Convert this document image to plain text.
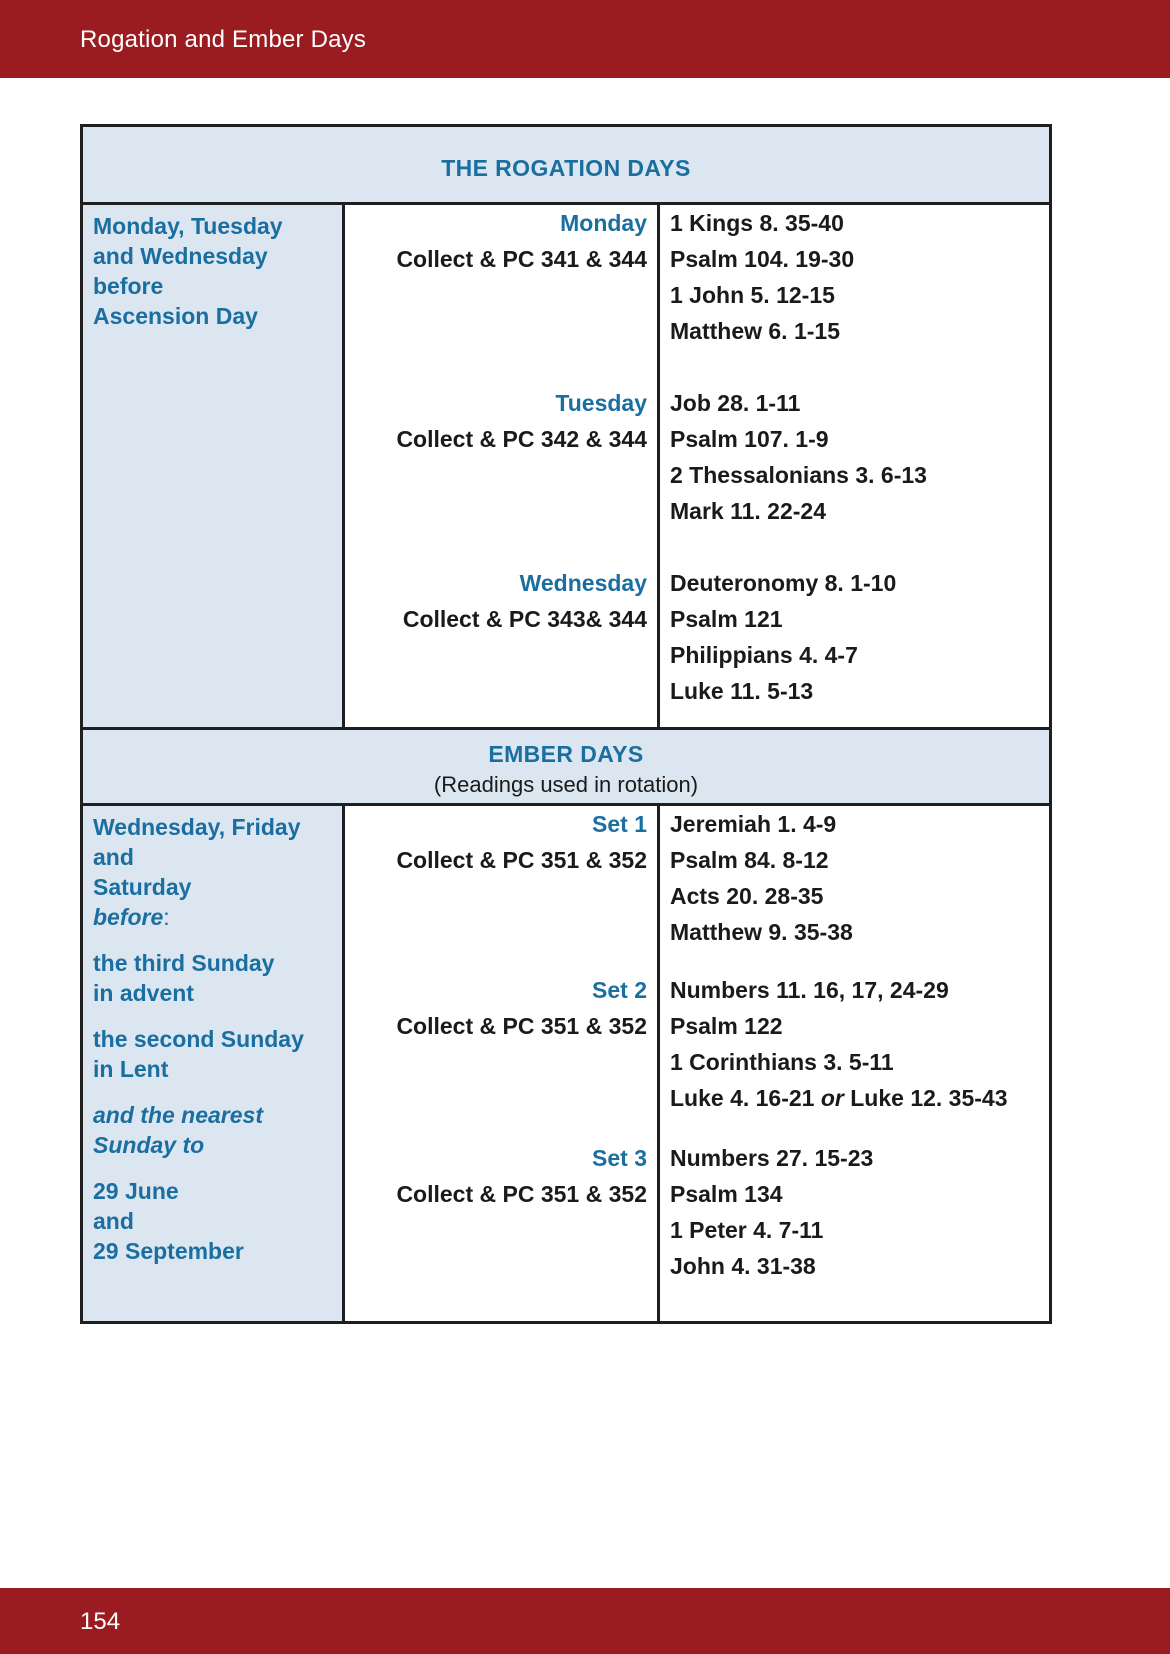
Rogation and Ember Days
THE ROGATION DAYS
Monday, Tuesday
and Wednesday
before
Ascension Day
Monday
Collect & PC 341 & 344
Tuesday
Collect & PC 342 & 344
Wednesday
Collect & PC 343& 344
1 Kings 8. 35-40
Psalm 104. 19-30
1 John 5. 12-15
Matthew 6. 1-15
Job 28. 1-11
Psalm 107. 1-9
2 Thessalonians 3. 6-13
Mark 11. 22-24
Deuteronomy 8. 1-10
Psalm 121
Philippians 4. 4-7
Luke 11. 5-13
EMBER DAYS
(Readings used in rotation)
Wednesday, Friday
and
Saturday
before:
the third Sunday
in advent
the second Sunday
in Lent
and the nearest
Sunday to
29 June
and
29 September
Set 1
Collect & PC 351 & 352
Set 2
Collect & PC 351 & 352
Set 3
Collect & PC 351 & 352
Jeremiah 1. 4-9
Psalm 84. 8-12
Acts 20. 28-35
Matthew 9. 35-38
Numbers 11. 16, 17, 24-29
Psalm 122
1 Corinthians 3. 5-11
Luke 4. 16-21 or Luke 12. 35-43
Numbers 27. 15-23
Psalm 134
1 Peter 4. 7-11
John 4. 31-38
154
